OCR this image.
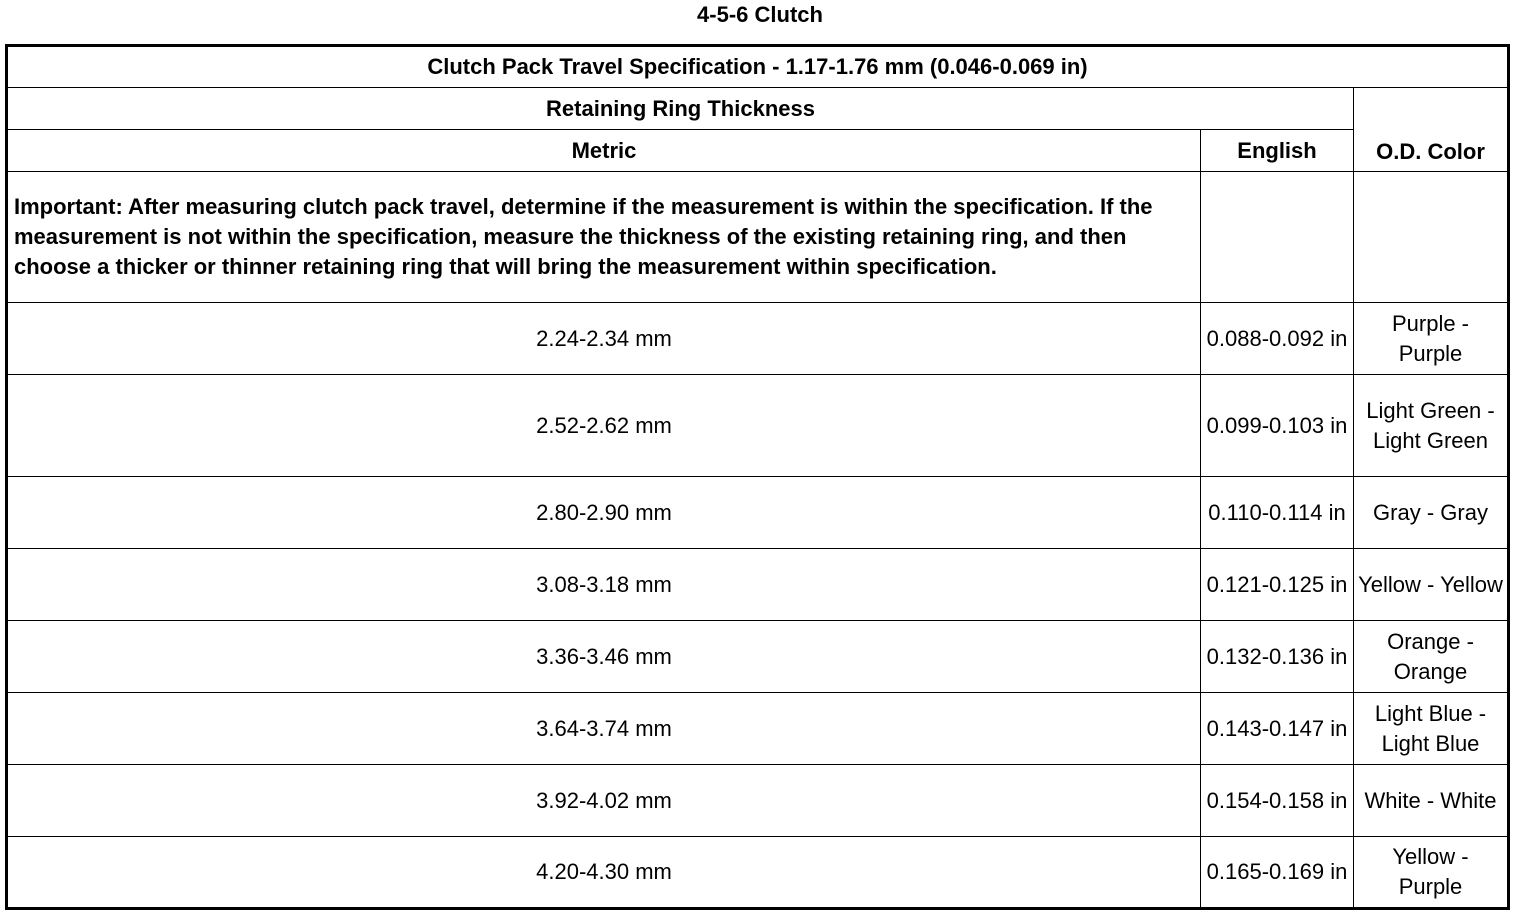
4-5-6 Clutch
Clutch Pack Travel Specification - 1.17-1.76 mm (0.046-0.069 in)		
Retaining Ring Thickness		O.D. Color
Metric	English	
Important: After measuring clutch pack travel, determine if the measurement is within the specification. If the measurement is not within the specification, measure the thickness of the existing retaining ring, and then choose a thicker or thinner retaining ring that will bring the measurement within specification.		
2.24-2.34 mm	0.088-0.092 in	Purple - Purple
2.52-2.62 mm	0.099-0.103 in	Light Green - Light Green
2.80-2.90 mm	0.110-0.114 in	Gray - Gray
3.08-3.18 mm	0.121-0.125 in	Yellow - Yellow
3.36-3.46 mm	0.132-0.136 in	Orange - Orange
3.64-3.74 mm	0.143-0.147 in	Light Blue - Light Blue
3.92-4.02 mm	0.154-0.158 in	White - White
4.20-4.30 mm	0.165-0.169 in	Yellow - Purple
